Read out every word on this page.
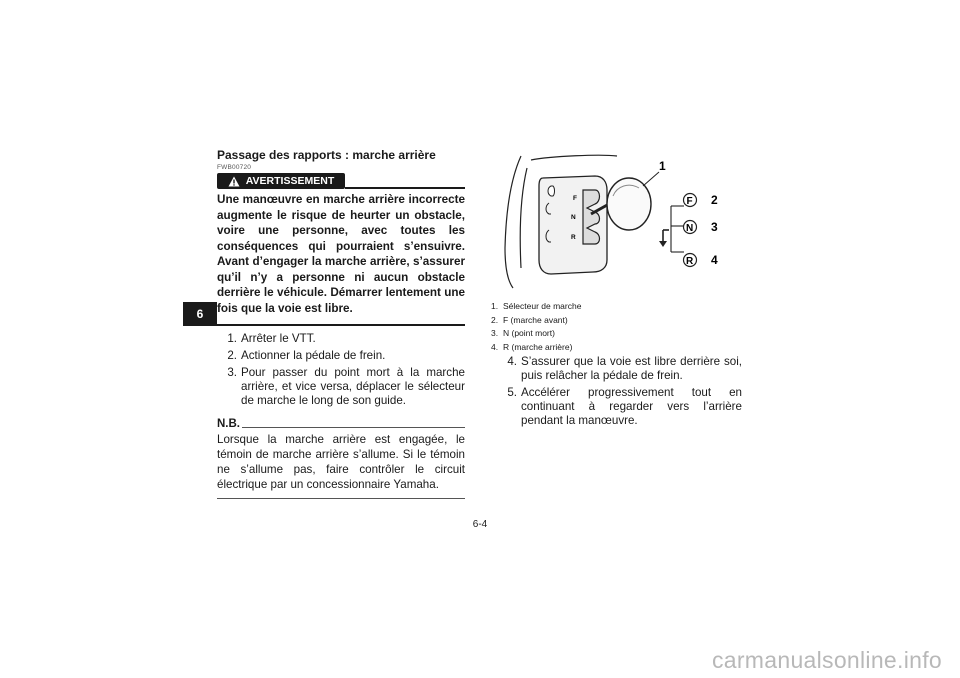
6
Passage des rapports : marche arrière
FWB00720
AVERTISSEMENT
Une manœuvre en marche arrière incorrecte augmente le risque de heurter un obstacle, voire une personne, avec toutes les conséquences qui pourraient s’ensuivre. Avant d’engager la marche arrière, s’assurer qu’il n’y a personne ni aucun obstacle derrière le véhicule. Démarrer lentement une fois que la voie est libre.
1. Arrêter le VTT.
2. Actionner la pédale de frein.
3. Pour passer du point mort à la marche arrière, et vice versa, déplacer le sélecteur de marche le long de son guide.
N.B.
Lorsque la marche arrière est engagée, le témoin de marche arrière s’allume. Si le témoin ne s’allume pas, faire contrôler le circuit électrique par un concessionnaire Yamaha.
F
N
R
1
F
N
R
2
3
4
1. Sélecteur de marche
2. F (marche avant)
3. N (point mort)
4. R (marche arrière)
4. S’assurer que la voie est libre derrière soi, puis relâcher la pédale de frein.
5. Accélérer progressivement tout en continuant à regarder vers l’arrière pendant la manœuvre.
6-4
carmanualsonline.info
